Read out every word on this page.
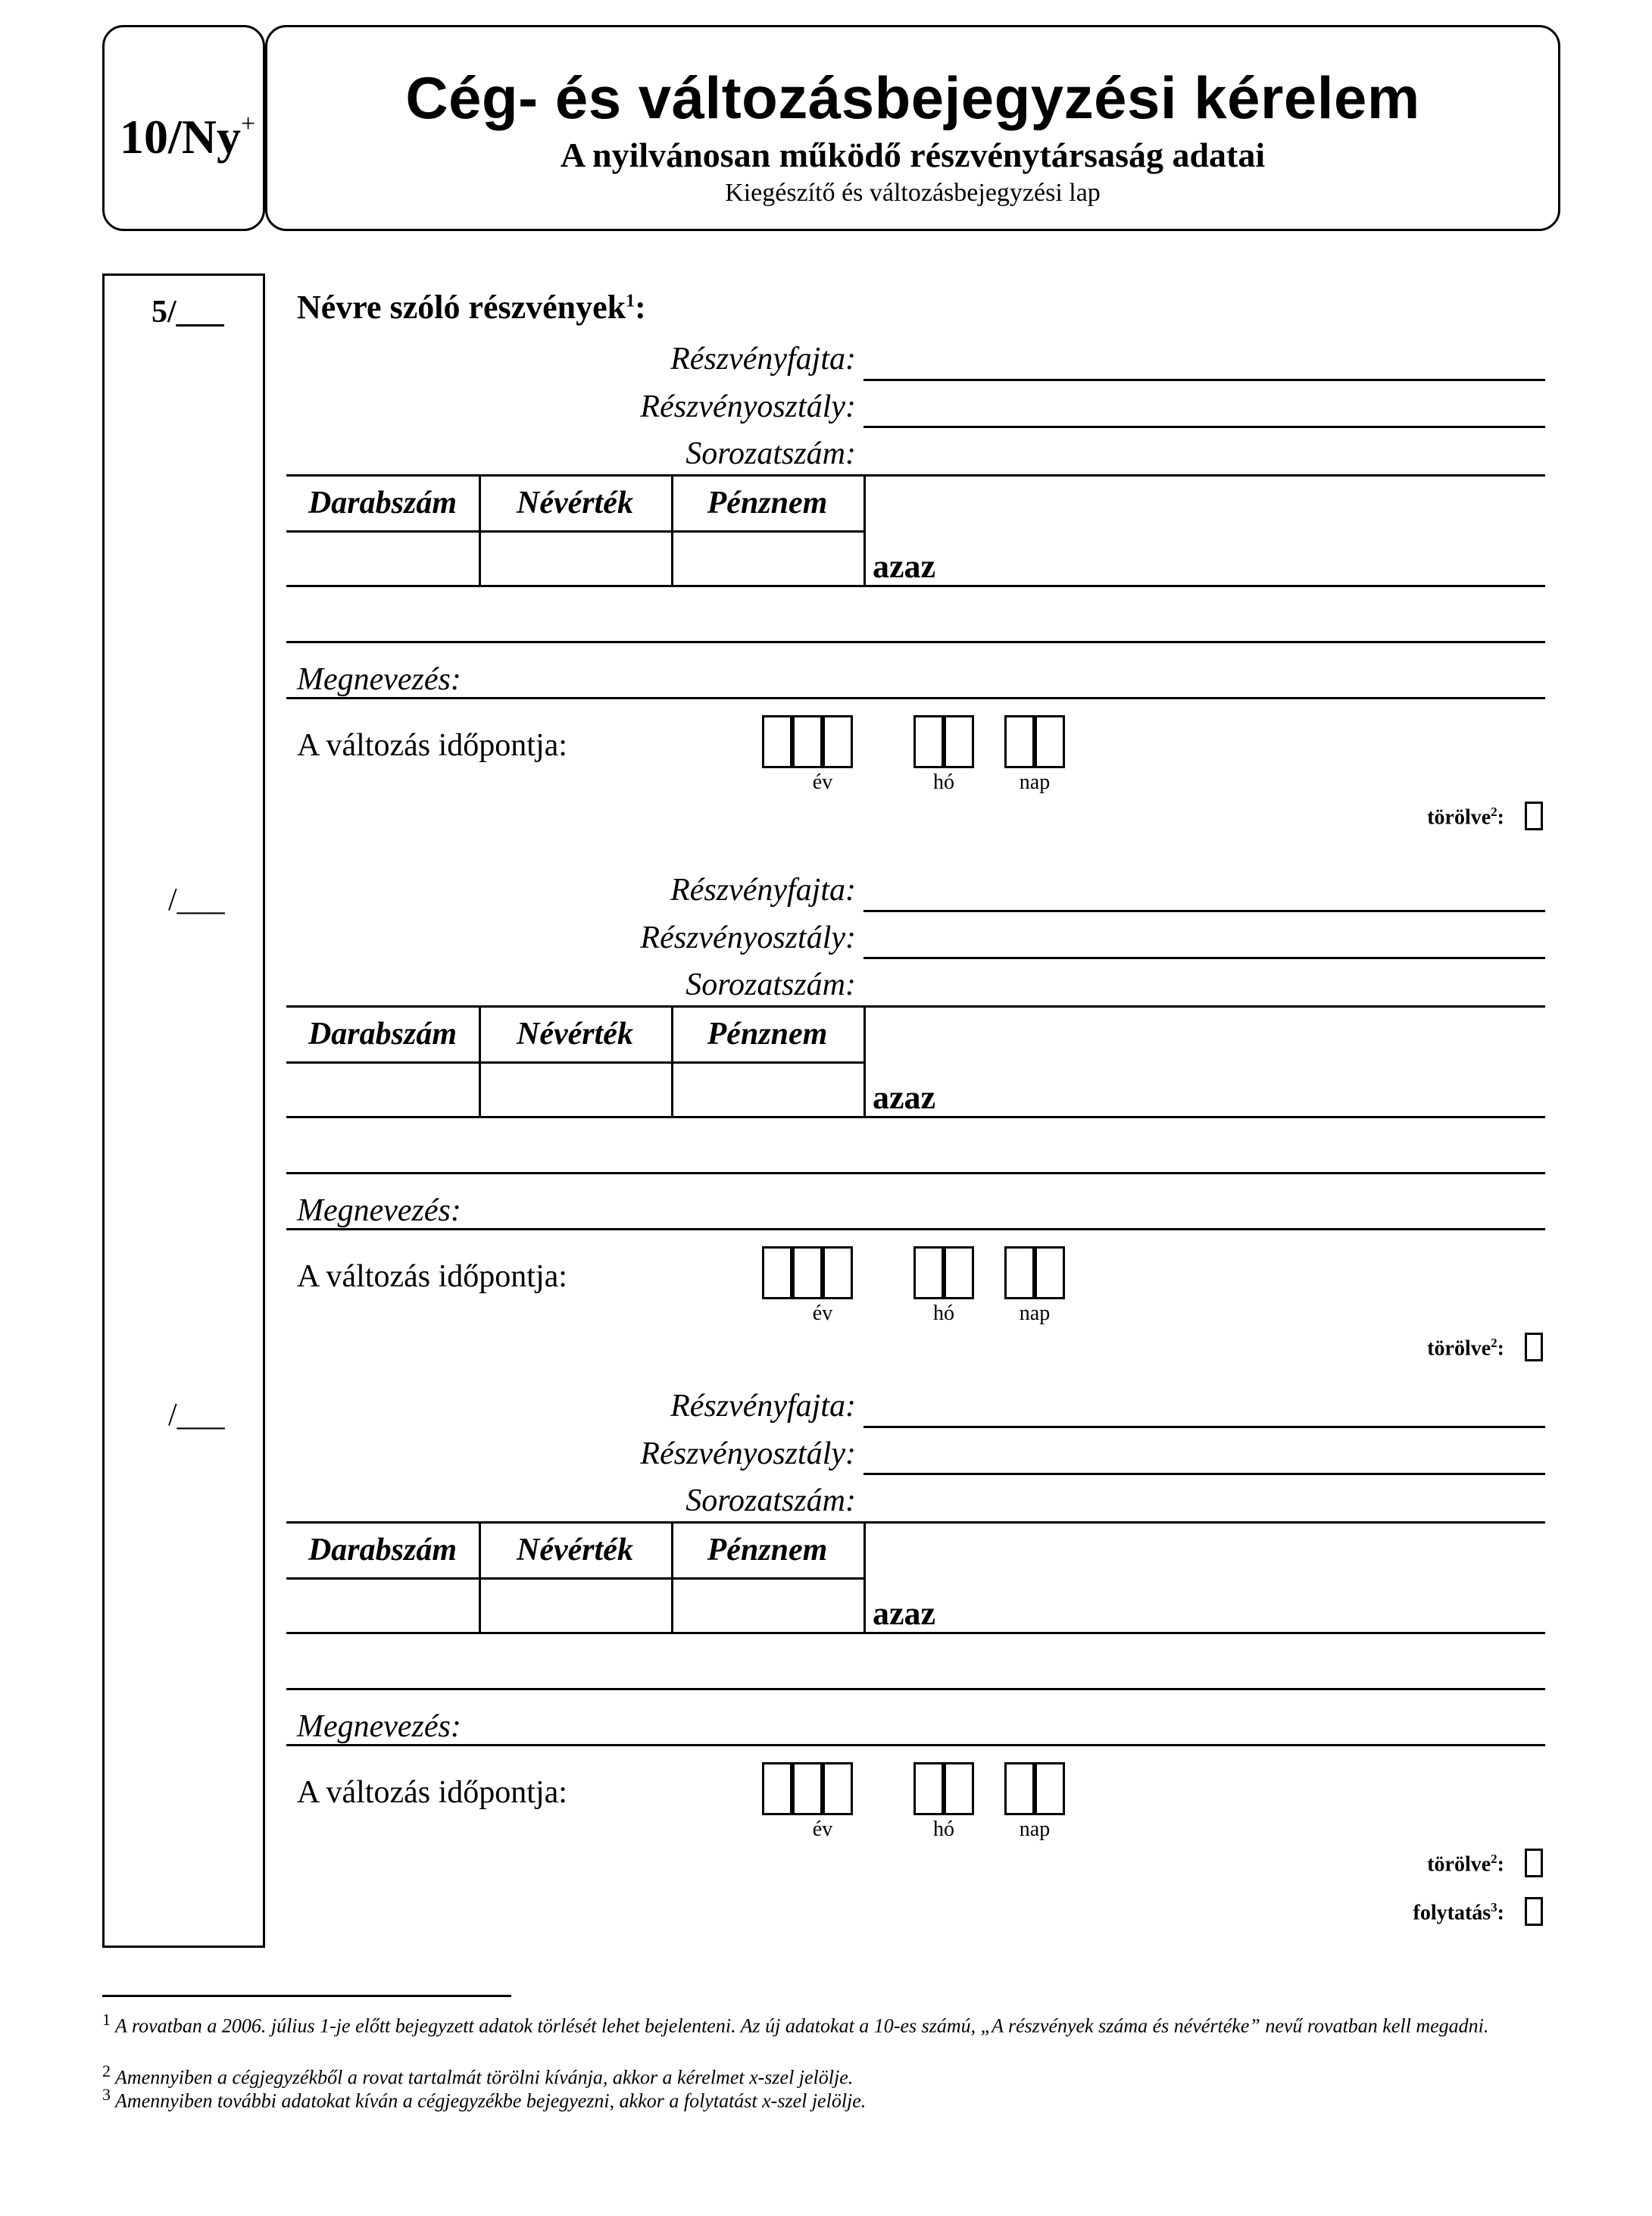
10/Ny+	Cég- és változásbejegyzési kérelem
A nyilvánosan működő részvénytársaság adatai
Kiegészítő és változásbejegyzési lap
5/___
/___
/___
Névre szóló részvények$^1$:
Részvényfajta:
Részvényosztály:
Sorozatszám:
Darabszám	Névérték	Pénznem
azaz
Megnevezés:
A változás időpontja:
év	hó	nap
törölve$^2$:
Részvényfajta:
Részvényosztály:
Sorozatszám:
Darabszám	Névérték	Pénznem
azaz
Megnevezés:
A változás időpontja:
év	hó	nap
törölve$^2$:
Részvényfajta:
Részvényosztály:
Sorozatszám:
Darabszám	Névérték	Pénznem
azaz
Megnevezés:
A változás időpontja:
év	hó	nap
törölve$^2$:
folytatás$^3$:
$^1$ A rovatban a 2006. július 1-je előtt bejegyzett adatok törlését lehet bejelenteni. Az új adatokat a 10-es számú, „A részvények száma és névértéke” nevű rovatban kell megadni.
$^2$ Amennyiben a cégjegyzékből a rovat tartalmát törölni kívánja, akkor a kérelmet x-szel jelölje.
$^3$ Amennyiben további adatokat kíván a cégjegyzékbe bejegyezni, akkor a folytatást x-szel jelölje.
